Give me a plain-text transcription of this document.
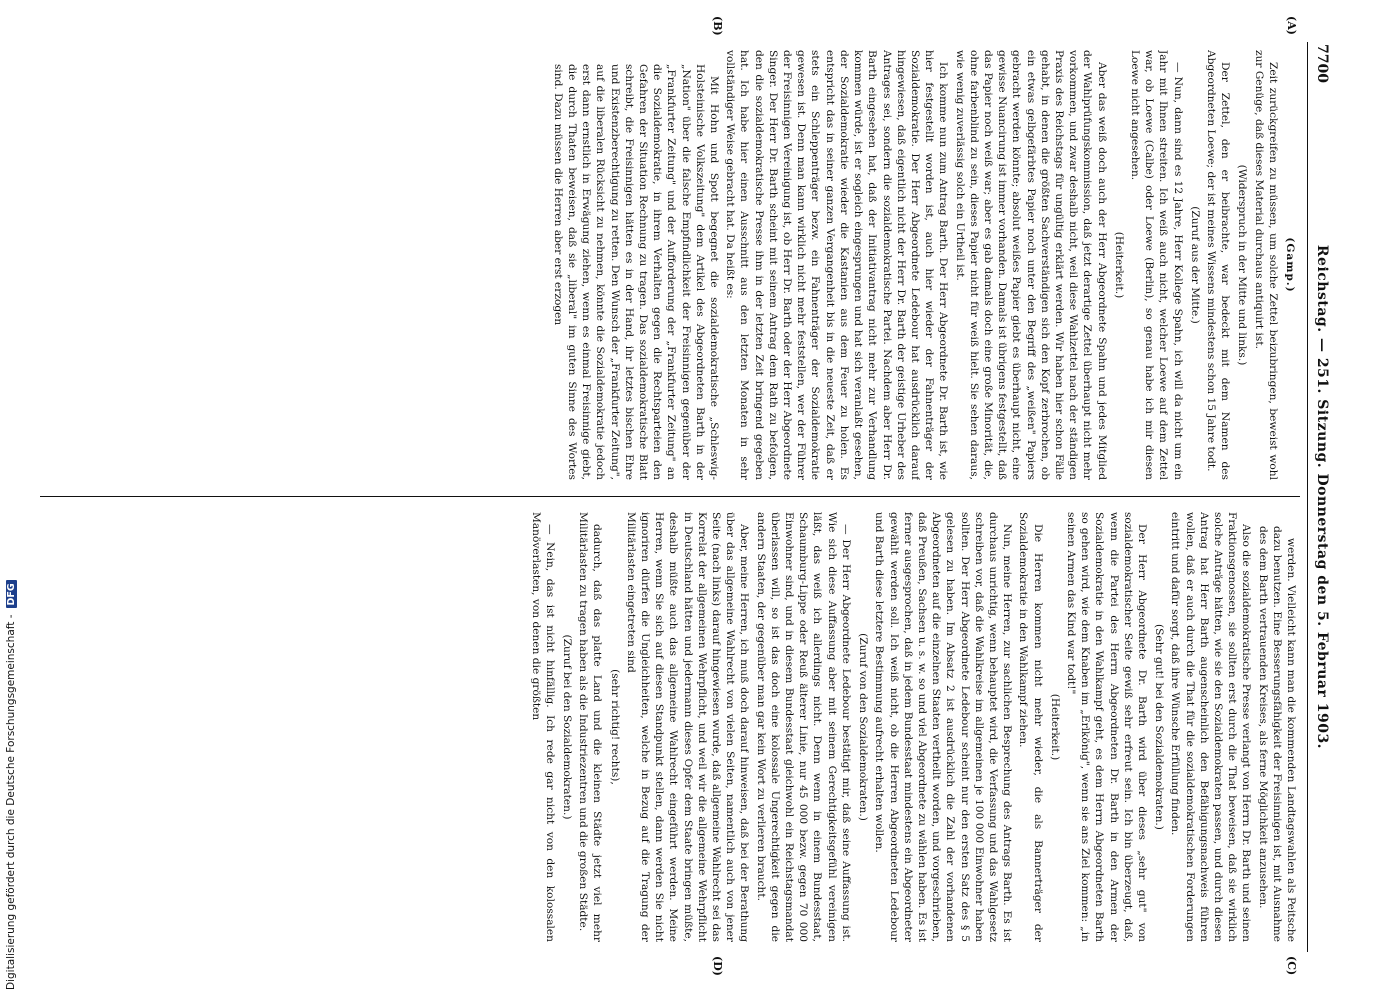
7700
Reichstag. — 251. Sitzung. Donnerstag den 5. Februar 1903.
(A)
(B)
(C)
(D)

(Gamp.)

Zeit zurückgreifen zu müssen, um solche Zettel beizubringen, beweist wohl zur Genüge, daß dieses Material durchaus antiquirt ist.

(Widerspruch in der Mitte und links.)

Der Zettel, den er beibrachte, war bedeckt mit dem Namen des Abgeordneten Loewe; der ist meines Wissens mindestens schon 15 Jahre todt.

(Zuruf aus der Mitte.)

— Nun, dann sind es 12 Jahre, Herr Kollege Spahn, ich will da nicht um ein Jahr mit Ihnen streiten. Ich weiß auch nicht, welcher Loewe auf dem Zettel war, ob Loewe (Calbe) oder Loewe (Berlin), so genau habe ich mir diesen Loewe nicht angesehen.

(Heiterkeit.)

Aber das weiß doch auch der Herr Abgeordnete Spahn und jedes Mitglied der Wahlprüfungskommission, daß jetzt derartige Zettel überhaupt nicht mehr vorkommen, und zwar deshalb nicht, weil diese Wahlzettel nach der ständigen Praxis des Reichstags für ungültig erklärt werden. Wir haben hier schon Fälle gehabt, in denen die größten Sachverständigen sich den Kopf zerbrochen, ob ein etwas gelbgefärbtes Papier noch unter den Begriff des „weißen" Papiers gebracht werden könnte; absolut weißes Papier giebt es überhaupt nicht, eine gewisse Nuancirung ist immer vorhanden. Damals ist übrigens festgestellt, daß das Papier noch weiß war; aber es gab damals doch eine große Minorität, die, ohne farbenblind zu sein, dieses Papier nicht für weiß hielt. Sie sehen daraus, wie wenig zuverlässig solch ein Urtheil ist.

Ich komme nun zum Antrag Barth. Der Herr Abgeordnete Dr. Barth ist, wie hier festgestellt worden ist, auch hier wieder der Fahnenträger der Sozialdemokratie. Der Herr Abgeordnete Ledebour hat ausdrücklich darauf hingewiesen, daß eigentlich nicht der Herr Dr. Barth der geistige Urheber des Antrages sei, sondern die sozialdemokratische Partei. Nachdem aber Herr Dr. Barth eingesehen hat, daß der Initiativantrag nicht mehr zur Verhandlung kommen würde, ist er sogleich eingesprungen und hat sich veranlaßt gesehen, der Sozialdemokratie wieder die Kastanien aus dem Feuer zu holen. Es entspricht das in seiner ganzen Vergangenheit bis in die neueste Zeit, daß er stets ein Schleppenträger bezw. ein Fahnenträger der Sozialdemokratie gewesen ist. Denn man kann wirklich nicht mehr feststellen, wer der Führer der Freisinnigen Vereinigung ist, ob Herr Dr. Barth oder der Herr Abgeordnete Singer. Der Herr Dr. Barth scheint mit seinem Antrag dem Rath zu befolgen, den die sozialdemokratische Presse ihm in der letzten Zeit bringend gegeben hat. Ich habe hier einen Ausschnitt aus den letzten Monaten in sehr vollständiger Weise gebracht hat. Da heißt es:

Mit Hohn und Spott begegnet die sozialdemokratische „Schleswig-Holsteinische Volkszeitung" dem Artikel des Abgeordneten Barth in der „Nation" über die falsche Empfindlichkeit der Freisinnigen gegenüber der „Frankfurter Zeitung" und der Aufforderung der „Frankfurter Zeitung" an die Sozialdemokratie, in ihrem Verhalten gegen die Rechtsparteien den Gefahren der Situation Rechnung zu tragen. Das sozialdemokratische Blatt schreibt, die Freisinnigen hätten es in der Hand, ihr letztes bischen Ehre und Existenzberechtigung zu retten. Den Wunsch der „Frankfurter Zeitung", auf die liberalen Rücksicht zu nehmen, könnte die Sozialdemokratie jedoch erst dann ernstlich in Erwägung ziehen, wenn es einmal Freisinnige giebt, die durch Thaten beweisen, daß sie „liberal" im guten Sinne des Wortes sind. Dazu müssen die Herren aber erst erzogen

werden. Vielleicht kann man die kommenden Landtagswahlen als Peitsche dazu benutzen. Eine Besserungsfähigkeit der Freisinnigen ist, mit Ausnahme des dem Barth vertrauenden Kreises, als ferne Möglichkeit anzusehen.

Also die sozialdemokratische Presse verlangt von Herrn Dr. Barth und seinen Fraktionsgenossen, sie sollten erst durch die That beweisen, daß sie wirklich solche Anträge hätten, wie sie den Sozialdemokraten passen, und durch diesen Antrag hat Herr Barth augenscheinlich den Befähigungsnachweis führen wollen, daß er auch durch die That für die sozialdemokratischen Forderungen eintritt und dafür sorgt, daß ihre Wünsche Erfüllung finden.

(Sehr gut! bei den Sozialdemokraten.)

Der Herr Abgeordnete Dr. Barth wird über dieses „sehr gut" von sozialdemokratischer Seite gewiß sehr erfreut sein. Ich bin überzeugt, daß, wenn die Partei des Herrn Abgeordneten Dr. Barth in den Armen der Sozialdemokratie in den Wahlkampf geht, es dem Herrn Abgeordneten Barth so gehen wird, wie dem Knaben im „Erlkönig", wenn sie ans Ziel kommen: „in seinen Armen das Kind war todt!"

(Heiterkeit.)

Die Herren kommen nicht mehr wieder, die als Bannerträger der Sozialdemokratie in den Wahlkampf ziehen.

Nun, meine Herren, zur sachlichen Besprechung des Antrags Barth. Es ist durchaus unrichtig, wenn behauptet wird, die Verfassung und das Wahlgesetz schreiben vor, daß die Wahlkreise im allgemeinen je 100 000 Einwohner haben sollten. Der Herr Abgeordnete Ledebour scheint nur den ersten Satz des § 5 gelesen zu haben. Im Absatz 2 ist ausdrücklich die Zahl der vorhandenen Abgeordneten auf die einzelnen Staaten vertheilt worden, und vorgeschrieben, daß Preußen, Sachsen u. s. w. so und viel Abgeordnete zu wählen haben. Es ist ferner ausgesprochen, daß in jedem Bundesstaat mindestens ein Abgeordneter gewählt werden soll. Ich weiß nicht, ob die Herren Abgeordneten Ledebour und Barth diese letztere Bestimmung aufrecht erhalten wollen.

(Zuruf von den Sozialdemokraten.)

— Der Herr Abgeordnete Ledebour bestätigt mir, daß seine Auffassung ist. Wie sich diese Auffassung aber mit seinem Gerechtigkeitsgefühl vereinigen läßt, das weiß ich allerdings nicht. Denn wenn in einem Bundesstaat, Schaumburg-Lippe oder Reuß älterer Linie, nur 45 000 bezw. gegen 70 000 Einwohner sind, und in diesem Bundesstaat gleichwohl ein Reichstagsmandat überlassen will, so ist das doch eine kolossale Ungerechtigkeit gegen die andern Staaten, der gegenüber man gar kein Wort zu verlieren braucht.

Aber, meine Herren, ich muß doch darauf hinweisen, daß bei der Berathung über das allgemeine Wahlrecht von vielen Seiten, namentlich auch von jener Seite (nach links) darauf hingewiesen wurde, daß allgemeine Wahlrecht sei das Korrelat der allgemeinen Wehrpflicht, und weil wir die allgemeine Wehrpflicht in Deutschland hätten und jedermann dieses Opfer dem Staate bringen müßte, deshalb müßte auch das allgemeine Wahlrecht eingeführt werden. Meine Herren, wenn Sie sich auf diesen Standpunkt stellen, dann werden Sie nicht ignoriren dürfen die Ungleichheiten, welche in Bezug auf die Tragung der Militärlasten eingetreten sind

(sehr richtig! rechts),

dadurch, daß das platte Land und die kleinen Städte jetzt viel mehr Militärlasten zu tragen haben als die Industriezentren und die großen Städte.

(Zuruf bei den Sozialdemokraten.)

— Nein, das ist nicht hinfällig. Ich rede gar nicht von den kolossalen Manöverlasten, von denen die größten

Digitalisierung gefördert durch die Deutsche Forschungsgemeinschaft -DFG
